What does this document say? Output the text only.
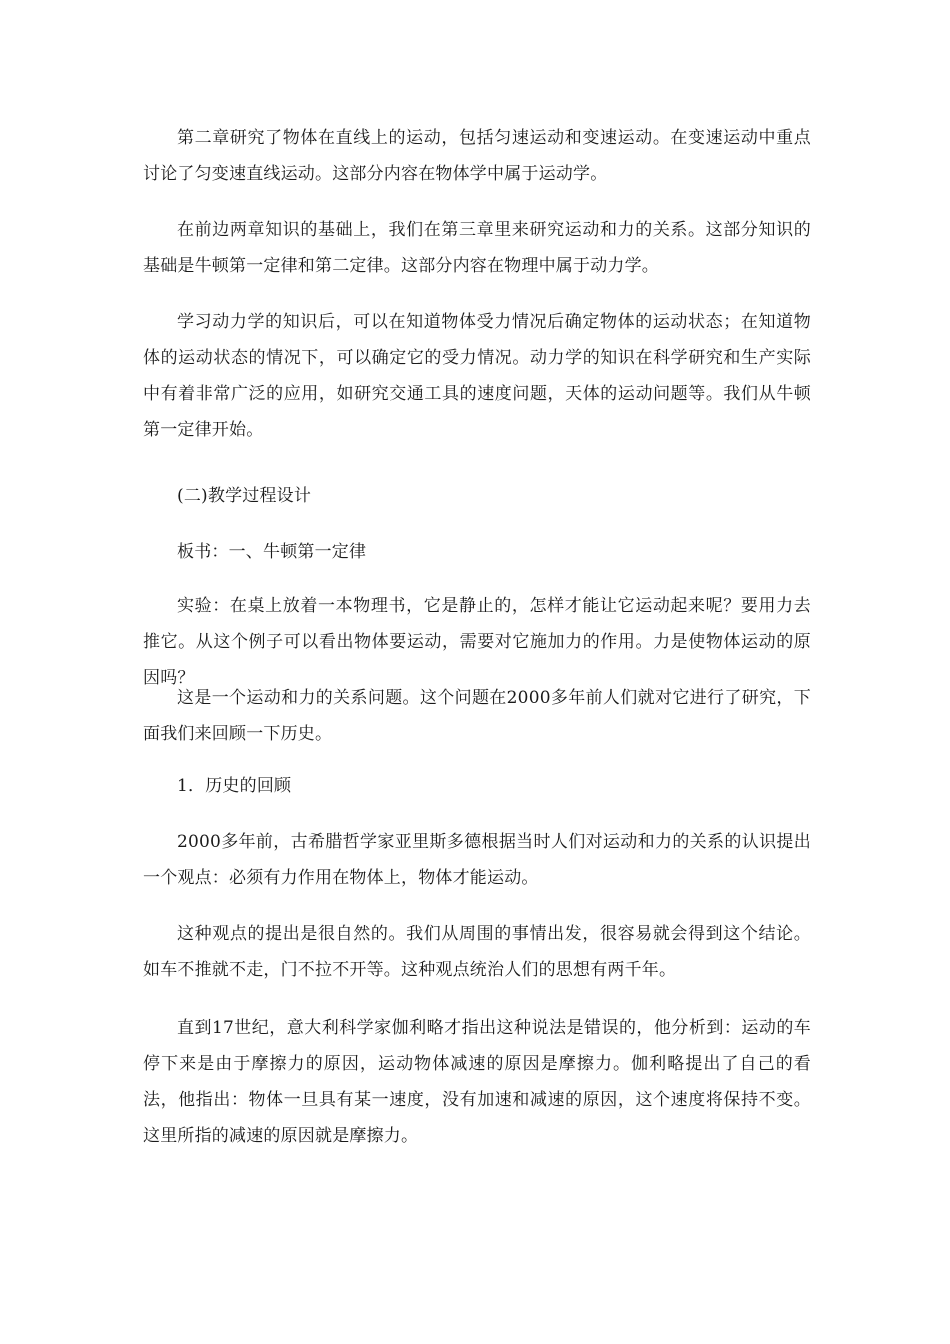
第二章研究了物体在直线上的运动，包括匀速运动和变速运动。在变速运动中重点讨论了匀变速直线运动。这部分内容在物体学中属于运动学。

在前边两章知识的基础上，我们在第三章里来研究运动和力的关系。这部分知识的基础是牛顿第一定律和第二定律。这部分内容在物理中属于动力学。

学习动力学的知识后，可以在知道物体受力情况后确定物体的运动状态；在知道物体的运动状态的情况下，可以确定它的受力情况。动力学的知识在科学研究和生产实际中有着非常广泛的应用，如研究交通工具的速度问题，天体的运动问题等。我们从牛顿第一定律开始。

(二)教学过程设计

板书：一、牛顿第一定律

实验：在桌上放着一本物理书，它是静止的，怎样才能让它运动起来呢？要用力去推它。从这个例子可以看出物体要运动，需要对它施加力的作用。力是使物体运动的原因吗？

这是一个运动和力的关系问题。这个问题在2000多年前人们就对它进行了研究，下面我们来回顾一下历史。

1．历史的回顾

2000多年前，古希腊哲学家亚里斯多德根据当时人们对运动和力的关系的认识提出一个观点：必须有力作用在物体上，物体才能运动。

这种观点的提出是很自然的。我们从周围的事情出发，很容易就会得到这个结论。如车不推就不走，门不拉不开等。这种观点统治人们的思想有两千年。

直到17世纪，意大利科学家伽利略才指出这种说法是错误的，他分析到：运动的车停下来是由于摩擦力的原因，运动物体减速的原因是摩擦力。伽利略提出了自己的看法，他指出：物体一旦具有某一速度，没有加速和减速的原因，这个速度将保持不变。这里所指的减速的原因就是摩擦力。
